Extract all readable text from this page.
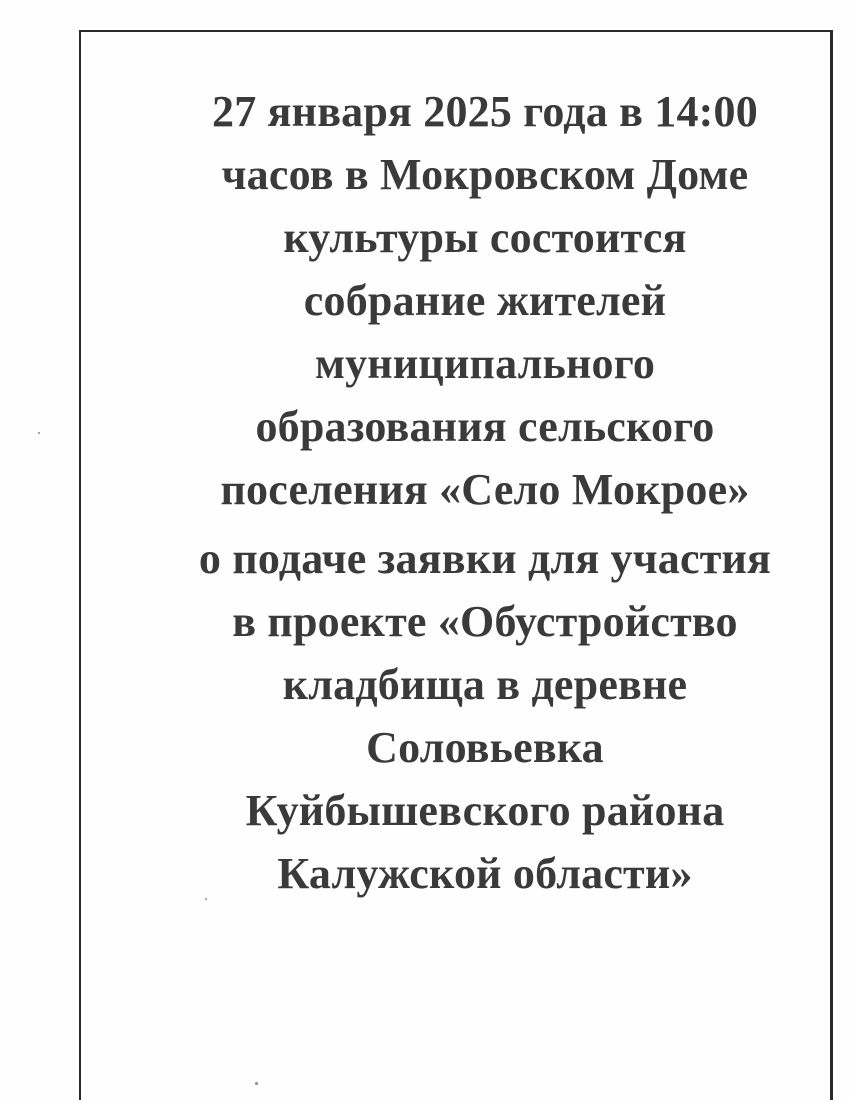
27 января 2025 года в 14:00
часов в Мокровском Доме
культуры состоится
собрание жителей
муниципального
образования сельского
поселения «Село Мокрое»
о подаче заявки для участия
в проекте «Обустройство
кладбища в деревне
Соловьевка
Куйбышевского района
Калужской области»
